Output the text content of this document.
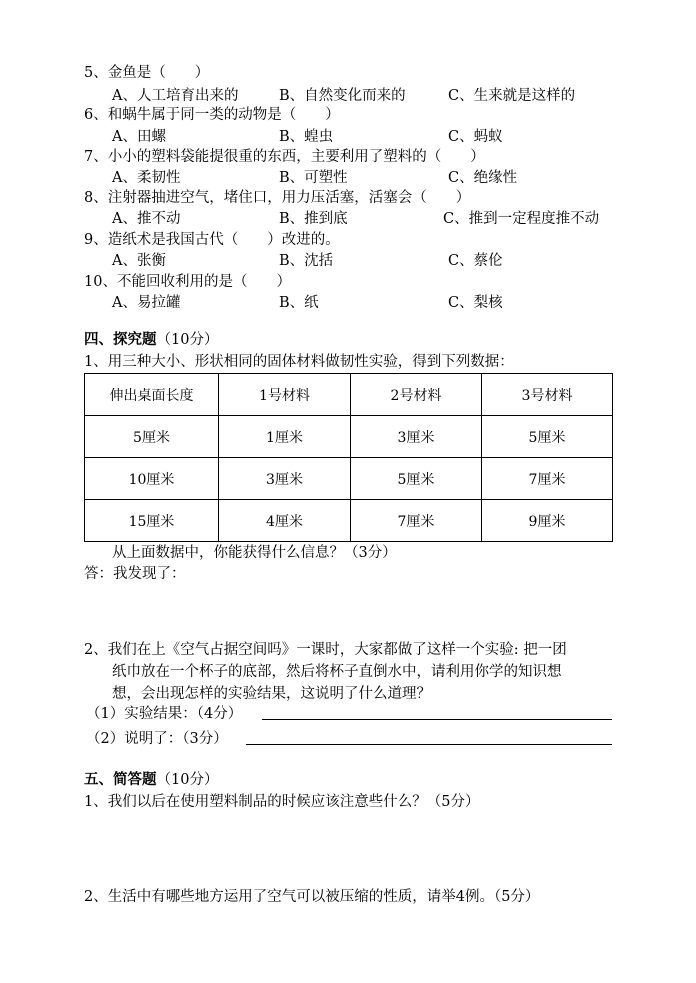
5、金鱼是（　　）
A、人工培育出来的	B、自然变化而来的	C、生来就是这样的
6、和蜗牛属于同一类的动物是（　　）
A、田螺	B、蝗虫	C、蚂蚁
7、小小的塑料袋能提很重的东西，主要利用了塑料的（　　）
A、柔韧性	B、可塑性	C、绝缘性
8、注射器抽进空气，堵住口，用力压活塞，活塞会（　　）
A、推不动	B、推到底	C、推到一定程度推不动
9、造纸术是我国古代（　　）改进的。
A、张衡	B、沈括	C、蔡伦
10、不能回收利用的是（　　）
A、易拉罐	B、纸	C、梨核
四、探究题（10分）
1、用三种大小、形状相同的固体材料做韧性实验，得到下列数据：
伸出桌面长度	1号材料	2号材料	3号材料
5厘米	1厘米	3厘米	5厘米
10厘米	3厘米	5厘米	7厘米
15厘米	4厘米	7厘米	9厘米
从上面数据中，你能获得什么信息？（3分）
答：我发现了：
2、我们在上《空气占据空间吗》一课时，大家都做了这样一个实验: 把一团
纸巾放在一个杯子的底部，然后将杯子直倒水中，请利用你学的知识想
想，会出现怎样的实验结果，这说明了什么道理？
（1）实验结果：（4分）
（2）说明了：（3分）
五、简答题（10分）
1、我们以后在使用塑料制品的时候应该注意些什么？（5分）
2、生活中有哪些地方运用了空气可以被压缩的性质，请举4例。（5分）
